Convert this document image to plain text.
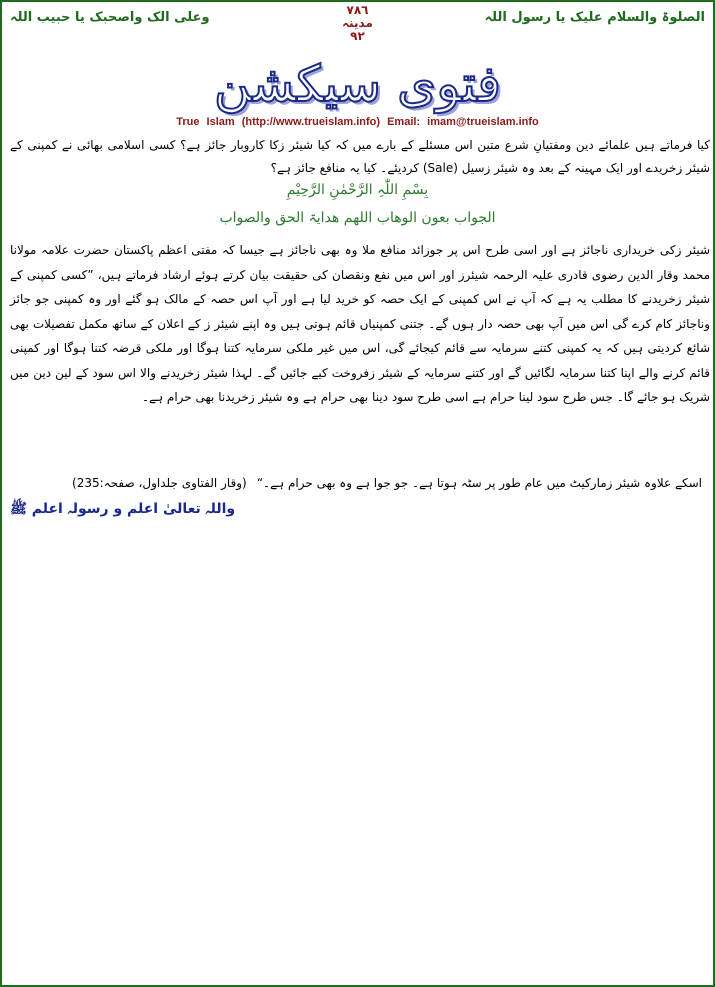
الصلوۃ والسلام علیک یا رسول اللہ
٧٨٦
مدینہ
٩٢
وعلی الک واصحبک یا حبیب اللہ
فتوی سیکشن
True Islam (http://www.trueislam.info) Email: imam@trueislam.info
کیا فرماتے ہیں علمائے دین ومفتیانِ شرع متین اس مسئلے کے بارے میں کہ کیا شیئر زکا کاروبار جائز ہے؟ کسی اسلامی بھائی نے کمپنی کے شیئر زخریدے اور ایک مہینہ کے بعد وہ شیئر زسیل (Sale) کردیئے۔ کیا یہ منافع جائز ہے؟
بِسْمِ اللّٰہِ الرَّحْمٰنِ الرَّحِیْمِ
الجواب بعون الوھاب اللھم ھدایۃ الحق والصواب
شیئر زکی خریداری ناجائز ہے اور اسی طرح اس پر جوزائد منافع ملا وہ بھی ناجائز ہے جیسا کہ مفتی اعظم پاکستان حضرت علامہ مولانا محمد وقار الدین رضوی قادری علیہ الرحمہ شیئرز اور اس میں نفع ونقصان کی حقیقت بیان کرتے ہوئے ارشاد فرماتے ہیں، ”کسی کمپنی کے شیئر زخریدنے کا مطلب یہ ہے کہ آپ نے اس کمپنی کے ایک حصہ کو خرید لیا ہے اور آپ اس حصہ کے مالک ہو گئے اور وہ کمپنی جو جائز وناجائز کام کرے گی اس میں آپ بھی حصہ دار ہوں گے۔ جتنی کمپنیاں قائم ہوتی ہیں وہ اپنے شیئر ز کے اعلان کے ساتھ مکمل تفصیلات بھی شائع کردیتی ہیں کہ یہ کمپنی کتنے سرمایہ سے قائم کیجائے گی، اس میں غیر ملکی سرمایہ کتنا ہوگا اور ملکی قرضہ کتنا ہوگا اور کمپنی قائم کرنے والے اپنا کتنا سرمایہ لگائیں گے اور کتنے سرمایہ کے شیئر زفروخت کیے جائیں گے۔ لہذا شیئر زخریدنے والا اس سود کے لین دین میں شریک ہو جائے گا۔ جس طرح سود لینا حرام ہے اسی طرح سود دینا بھی حرام ہے وہ شیئر زخریدنا بھی حرام ہے۔
اسکے علاوہ شیئر زمارکیٹ میں عام طور پر سٹہ ہوتا ہے۔ جو جوا ہے وہ بھی حرام ہے۔“
(وقار الفتاوی جلداول، صفحہ:235)
واللہ تعالیٰ اعلم و رسولہ اعلم ﷺ
